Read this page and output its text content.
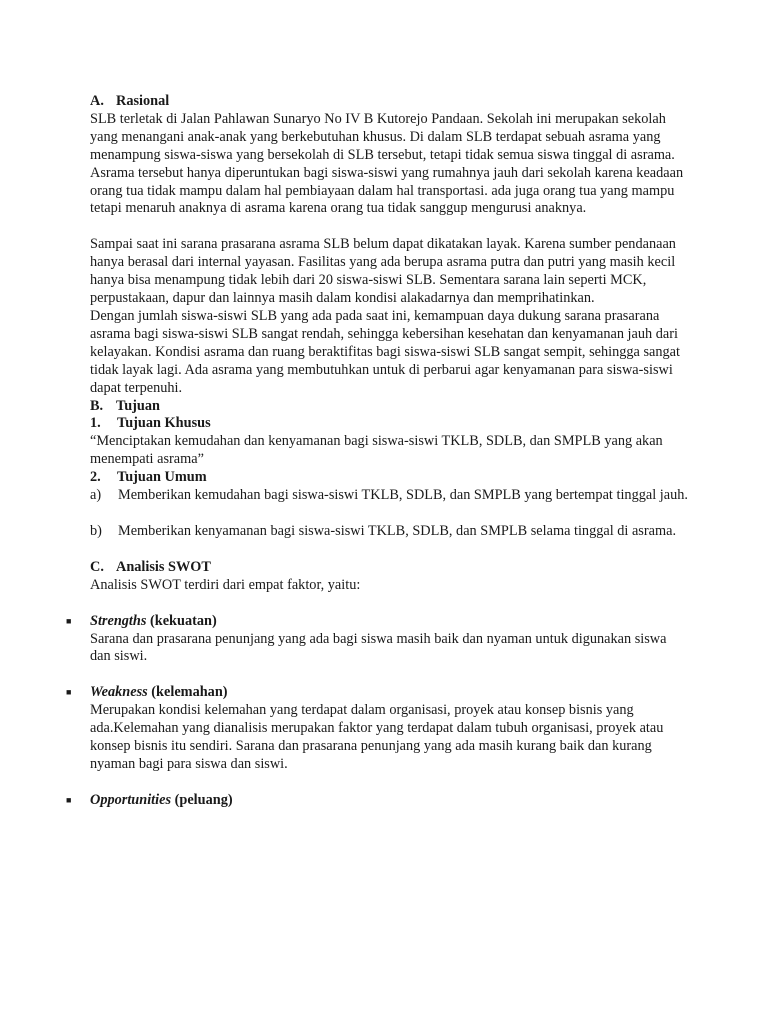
A. Rasional

SLB terletak di Jalan Pahlawan Sunaryo No IV B Kutorejo Pandaan. Sekolah ini merupakan sekolah yang menangani anak-anak yang berkebutuhan khusus. Di dalam SLB terdapat sebuah asrama yang menampung siswa-siswa yang bersekolah di SLB tersebut, tetapi tidak semua siswa tinggal di asrama. Asrama tersebut hanya diperuntukan bagi siswa-siswi yang rumahnya jauh dari sekolah karena keadaan orang tua tidak mampu dalam hal pembiayaan dalam hal transportasi. ada juga orang tua yang mampu tetapi menaruh anaknya di asrama karena orang tua tidak sanggup mengurusi anaknya.

Sampai saat ini sarana prasarana asrama SLB belum dapat dikatakan layak. Karena sumber pendanaan hanya berasal dari internal yayasan. Fasilitas yang ada berupa asrama putra dan putri yang masih kecil hanya bisa menampung tidak lebih dari 20 siswa-siswi SLB. Sementara sarana lain seperti MCK, perpustakaan, dapur dan lainnya masih dalam kondisi alakadarnya dan memprihatinkan.

Dengan jumlah siswa-siswi SLB yang ada pada saat ini, kemampuan daya dukung sarana prasarana asrama bagi siswa-siswi SLB sangat rendah, sehingga kebersihan kesehatan dan kenyamanan jauh dari kelayakan. Kondisi asrama dan ruang beraktifitas bagi siswa-siswi SLB sangat sempit, sehingga sangat tidak layak lagi. Ada asrama yang membutuhkan untuk di perbarui agar kenyamanan para siswa-siswi dapat terpenuhi.

B. Tujuan

1. Tujuan Khusus

“Menciptakan kemudahan dan kenyamanan bagi siswa-siswi TKLB, SDLB, dan SMPLB yang akan menempati asrama”

2. Tujuan Umum

a) Memberikan kemudahan bagi siswa-siswi TKLB, SDLB, dan SMPLB yang bertempat tinggal jauh.

b) Memberikan kenyamanan bagi siswa-siswi TKLB, SDLB, dan SMPLB selama tinggal di asrama.

C. Analisis SWOT

Analisis SWOT terdiri dari empat faktor, yaitu:

■ Strengths (kekuatan)

Sarana dan prasarana penunjang yang ada bagi siswa masih baik dan nyaman untuk digunakan siswa dan siswi.

■ Weakness (kelemahan)

Merupakan kondisi kelemahan yang terdapat dalam organisasi, proyek atau konsep bisnis yang ada.Kelemahan yang dianalisis merupakan faktor yang terdapat dalam tubuh organisasi, proyek atau konsep bisnis itu sendiri. Sarana dan prasarana penunjang yang ada masih kurang baik dan kurang nyaman bagi para siswa dan siswi.

■ Opportunities (peluang)
